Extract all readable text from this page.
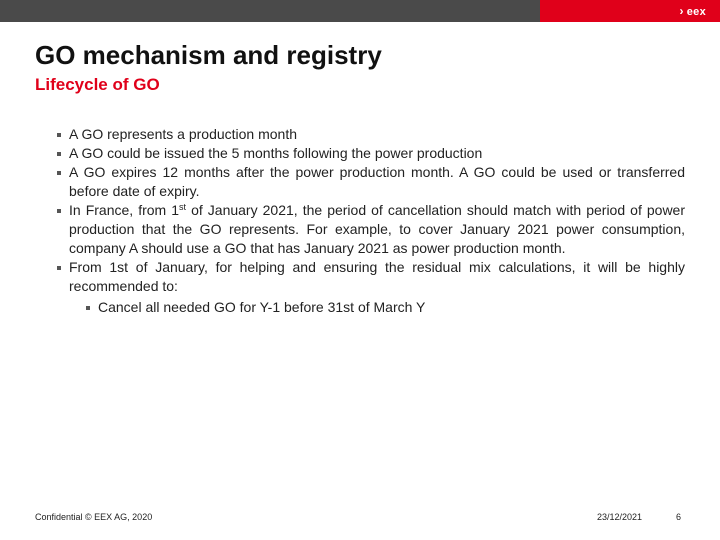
› eex
GO mechanism and registry
Lifecycle of GO
A GO represents a production month
A GO could be issued the 5 months following the power production
A GO expires 12 months after the power production month. A GO could be used or transferred before date of expiry.
In France, from 1st of January 2021, the period of cancellation should match with period of power production that the GO represents. For example, to cover January 2021 power consumption, company A should use a GO that has January 2021 as power production month.
From 1st of January, for helping and ensuring the residual mix calculations, it will be highly recommended to:
Cancel all needed GO for Y-1 before 31st of March Y
Confidential © EEX AG, 2020	23/12/2021	6
